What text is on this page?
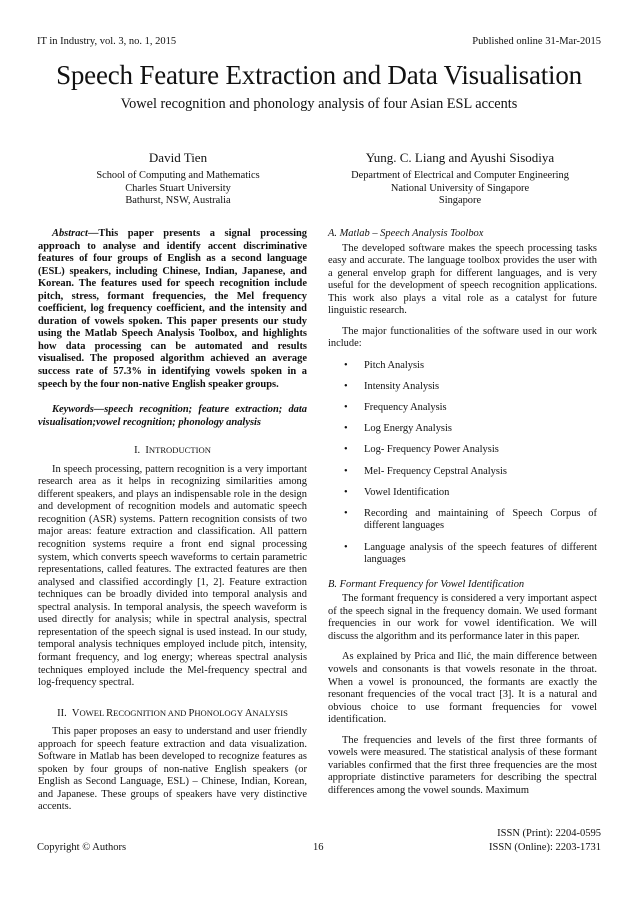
IT in Industry, vol. 3, no. 1, 2015	Published online 31-Mar-2015
Speech Feature Extraction and Data Visualisation
Vowel recognition and phonology analysis of four Asian ESL accents
David Tien
School of Computing and Mathematics
Charles Stuart University
Bathurst, NSW, Australia
Yung. C. Liang and Ayushi Sisodiya
Department of Electrical and Computer Engineering
National University of Singapore
Singapore

Abstract—This paper presents a signal processing approach to analyse and identify accent discriminative features of four groups of English as a second language (ESL) speakers, including Chinese, Indian, Japanese, and Korean. The features used for speech recognition include pitch, stress, formant frequencies, the Mel frequency coefficient, log frequency coefficient, and the intensity and duration of vowels spoken. This paper presents our study using the Matlab Speech Analysis Toolbox, and highlights how data processing can be automated and results visualised. The proposed algorithm achieved an average success rate of 57.3% in identifying vowels spoken in a speech by the four non-native English speaker groups.

Keywords—speech recognition; feature extraction; data visualisation;vowel recognition; phonology analysis

I. INTRODUCTION

In speech processing, pattern recognition is a very important research area as it helps in recognizing similarities among different speakers, and plays an indispensable role in the design and development of recognition models and automatic speech recognition (ASR) systems. Pattern recognition consists of two major areas: feature extraction and classification. All pattern recognition systems require a front end signal processing system, which converts speech waveforms to certain parametric representations, called features. The extracted features are then analysed and classified accordingly [1, 2]. Feature extraction techniques can be broadly divided into temporal analysis and spectral analysis. In temporal analysis, the speech waveform is used directly for analysis; while in spectral analysis, spectral representation of the speech signal is used instead. In our study, temporal analysis techniques employed include pitch, intensity, formant frequency, and log energy; whereas spectral analysis techniques employed include the Mel-frequency spectral and log-frequency spectral.

II. VOWEL RECOGNITION AND PHONOLOGY ANALYSIS

This paper proposes an easy to understand and user friendly approach for speech feature extraction and data visualization. Software in Matlab has been developed to recognize features as spoken by four groups of non-native English speakers (or English as Second Language, ESL) – Chinese, Indian, Korean, and Japanese. These groups of speakers have very distinctive accents.

A. Matlab – Speech Analysis Toolbox

The developed software makes the speech processing tasks easy and accurate. The language toolbox provides the user with a general envelop graph for different languages, and is very useful for the development of speech recognition applications. This work also plays a vital role as a catalyst for future linguistic research.

The major functionalities of the software used in our work include:

• Pitch Analysis
• Intensity Analysis
• Frequency Analysis
• Log Energy Analysis
• Log- Frequency Power Analysis
• Mel- Frequency Cepstral Analysis
• Vowel Identification
• Recording and maintaining of Speech Corpus of different languages
• Language analysis of the speech features of different languages
B. Formant Frequency for Vowel Identification

The formant frequency is considered a very important aspect of the speech signal in the frequency domain. We used formant frequencies in our work for vowel identification. We will discuss the algorithm and its performance later in this paper.

As explained by Prica and Ilić, the main difference between vowels and consonants is that vowels resonate in the throat. When a vowel is pronounced, the formants are exactly the resonant frequencies of the vocal tract [3]. It is a natural and obvious choice to use formant frequencies for vowel identification.

The frequencies and levels of the first three formants of vowels were measured. The statistical analysis of these formant variables confirmed that the first three frequencies are the most appropriate distinctive parameters for describing the spectral differences among the vowel sounds. Maximum

ISSN (Print): 2204-0595
Copyright © Authors	16	ISSN (Online): 2203-1731
